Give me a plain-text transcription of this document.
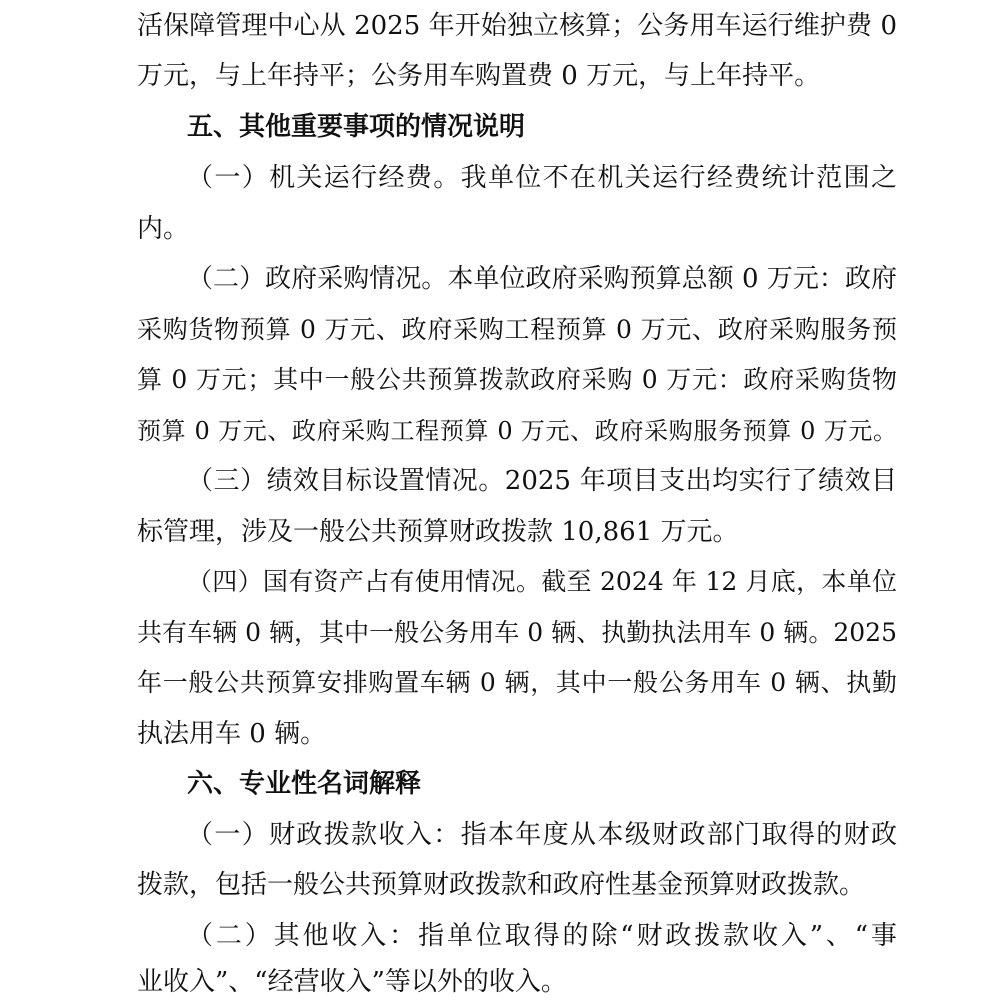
活保障管理中心从 2025 年开始独立核算；公务用车运行维护费 0
万元，与上年持平；公务用车购置费 0 万元，与上年持平。
五、其他重要事项的情况说明
（一）机关运行经费。我单位不在机关运行经费统计范围之
内。
（二）政府采购情况。本单位政府采购预算总额 0 万元：政府
采购货物预算 0 万元、政府采购工程预算 0 万元、政府采购服务预
算 0 万元；其中一般公共预算拨款政府采购 0 万元：政府采购货物
预算 0 万元、政府采购工程预算 0 万元、政府采购服务预算 0 万元。
（三）绩效目标设置情况。2025 年项目支出均实行了绩效目
标管理，涉及一般公共预算财政拨款 10,861 万元。
（四）国有资产占有使用情况。截至 2024 年 12 月底，本单位
共有车辆 0 辆，其中一般公务用车 0 辆、执勤执法用车 0 辆。2025
年一般公共预算安排购置车辆 0 辆，其中一般公务用车 0 辆、执勤
执法用车 0 辆。
六、专业性名词解释
（一）财政拨款收入：指本年度从本级财政部门取得的财政
拨款，包括一般公共预算财政拨款和政府性基金预算财政拨款。
（二）其他收入：指单位取得的除“财政拨款收入”、“事
业收入”、“经营收入”等以外的收入。
